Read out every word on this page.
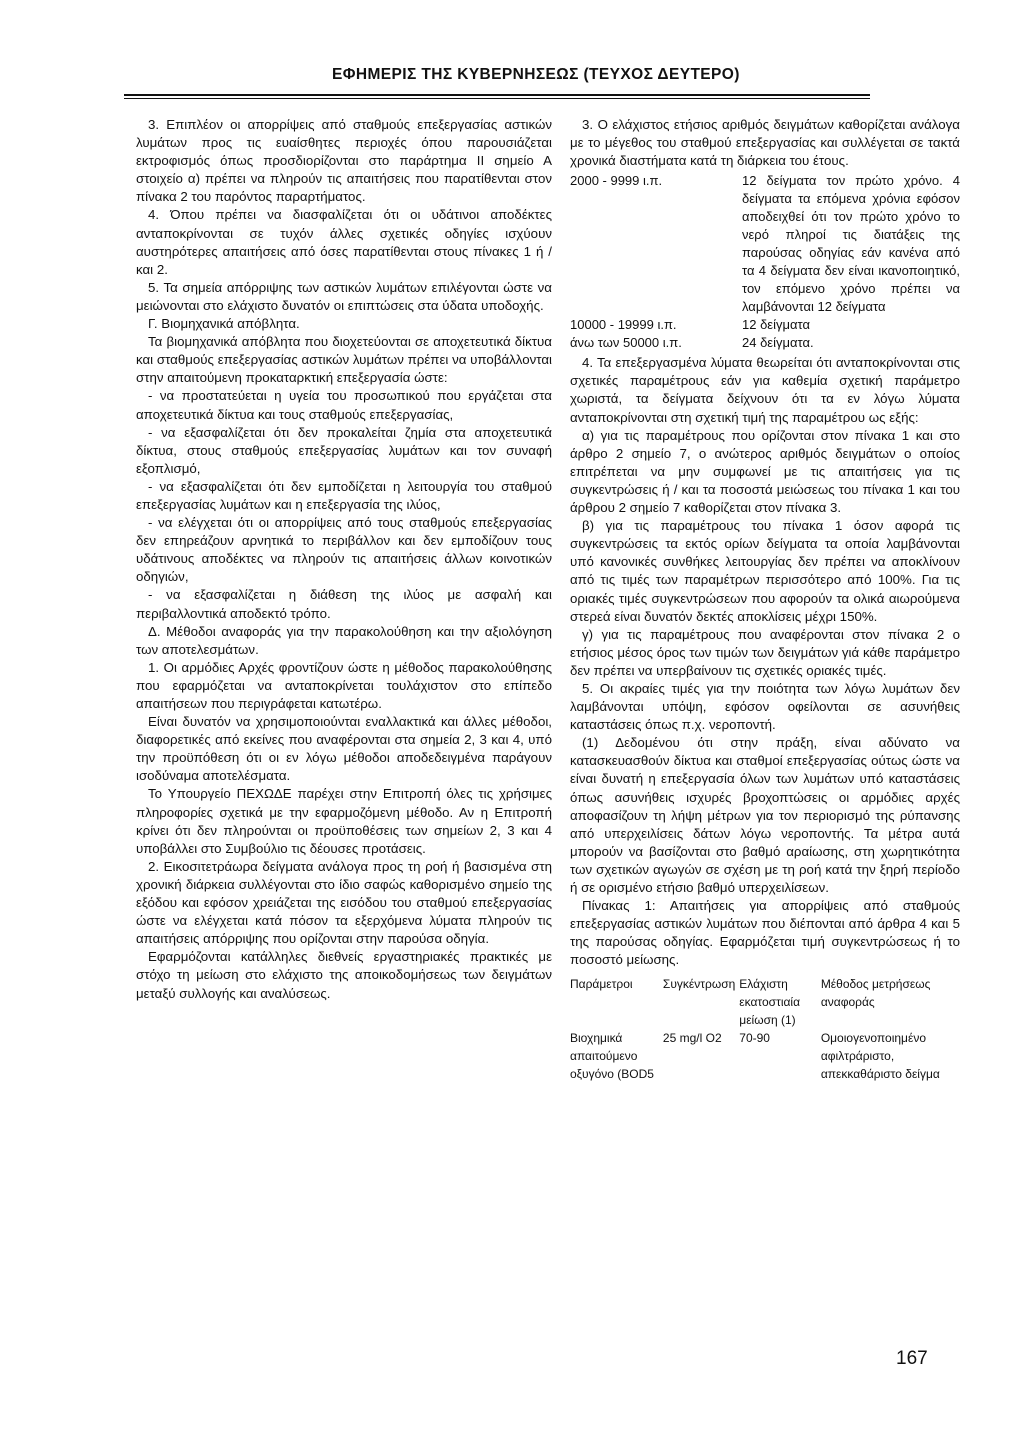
ΕΦΗΜΕΡΙΣ ΤΗΣ ΚΥΒΕΡΝΗΣΕΩΣ (ΤΕΥΧΟΣ ΔΕΥΤΕΡΟ)

3. Επιπλέον οι απορρίψεις από σταθμούς επεξεργασίας αστικών λυμάτων προς τις ευαίσθητες περιοχές όπου παρουσιάζεται εκτροφισμός όπως προσδιορίζονται στο παράρτημα II σημείο Α στοιχείο α) πρέπει να πληρούν τις απαιτήσεις που παρατίθενται στον πίνακα 2 του παρόντος παραρτήματος.

4. Όπου πρέπει να διασφαλίζεται ότι οι υδάτινοι αποδέκτες ανταποκρίνονται σε τυχόν άλλες σχετικές οδηγίες ισχύουν αυστηρότερες απαιτήσεις από όσες παρατίθενται στους πίνακες 1 ή / και 2.

5. Τα σημεία απόρριψης των αστικών λυμάτων επιλέγονται ώστε να μειώνονται στο ελάχιστο δυνατόν οι επιπτώσεις στα ύδατα υποδοχής.

Γ. Βιομηχανικά απόβλητα.

Τα βιομηχανικά απόβλητα που διοχετεύονται σε αποχετευτικά δίκτυα και σταθμούς επεξεργασίας αστικών λυμάτων πρέπει να υποβάλλονται στην απαιτούμενη προκαταρκτική επεξεργασία ώστε:

- να προστατεύεται η υγεία του προσωπικού που εργάζεται στα αποχετευτικά δίκτυα και τους σταθμούς επεξεργασίας,

- να εξασφαλίζεται ότι δεν προκαλείται ζημία στα αποχετευτικά δίκτυα, στους σταθμούς επεξεργασίας λυμάτων και τον συναφή εξοπλισμό,

- να εξασφαλίζεται ότι δεν εμποδίζεται η λειτουργία του σταθμού επεξεργασίας λυμάτων και η επεξεργασία της ιλύος,

- να ελέγχεται ότι οι απορρίψεις από τους σταθμούς επεξεργασίας δεν επηρεάζουν αρνητικά το περιβάλλον και δεν εμποδίζουν τους υδάτινους αποδέκτες να πληρούν τις απαιτήσεις άλλων κοινοτικών οδηγιών,

- να εξασφαλίζεται η διάθεση της ιλύος με ασφαλή και περιβαλλοντικά αποδεκτό τρόπο.

Δ. Μέθοδοι αναφοράς για την παρακολούθηση και την αξιολόγηση των αποτελεσμάτων.

1. Οι αρμόδιες Αρχές φροντίζουν ώστε η μέθοδος παρακολούθησης που εφαρμόζεται να ανταποκρίνεται τουλάχιστον στο επίπεδο απαιτήσεων που περιγράφεται κατωτέρω.

Είναι δυνατόν να χρησιμοποιούνται εναλλακτικά και άλλες μέθοδοι, διαφορετικές από εκείνες που αναφέρονται στα σημεία 2, 3 και 4, υπό την προϋπόθεση ότι οι εν λόγω μέθοδοι αποδεδειγμένα παράγουν ισοδύναμα αποτελέσματα.

Το Υπουργείο ΠΕΧΩΔΕ παρέχει στην Επιτροπή όλες τις χρήσιμες πληροφορίες σχετικά με την εφαρμοζόμενη μέθοδο. Αν η Επιτροπή κρίνει ότι δεν πληρούνται οι προϋποθέσεις των σημείων 2, 3 και 4 υποβάλλει στο Συμβούλιο τις δέουσες προτάσεις.

2. Εικοσιτετράωρα δείγματα ανάλογα προς τη ροή ή βασισμένα στη χρονική διάρκεια συλλέγονται στο ίδιο σαφώς καθορισμένο σημείο της εξόδου και εφόσον χρειάζεται της εισόδου του σταθμού επεξεργασίας ώστε να ελέγχεται κατά πόσον τα εξερχόμενα λύματα πληρούν τις απαιτήσεις απόρριψης που ορίζονται στην παρούσα οδηγία.

Εφαρμόζονται κατάλληλες διεθνείς εργαστηριακές πρακτικές με στόχο τη μείωση στο ελάχιστο της αποικοδομήσεως των δειγμάτων μεταξύ συλλογής και αναλύσεως.

3. Ο ελάχιστος ετήσιος αριθμός δειγμάτων καθορίζεται ανάλογα με το μέγεθος του σταθμού επεξεργασίας και συλλέγεται σε τακτά χρονικά διαστήματα κατά τη διάρκεια του έτους.

2000 - 9999 ι.π.	12 δείγματα τον πρώτο χρόνο. 4 δείγματα τα επόμενα χρόνια εφόσον αποδειχθεί ότι τον πρώτο χρόνο το νερό πληροί τις διατάξεις της παρούσας οδηγίας εάν κανένα από τα 4 δείγματα δεν είναι ικανοποιητικό, τον επόμενο χρόνο πρέπει να λαμβάνονται 12 δείγματα
10000 - 19999 ι.π.	12 δείγματα
άνω των 50000 ι.π.	24 δείγματα.

4. Τα επεξεργασμένα λύματα θεωρείται ότι ανταποκρίνονται στις σχετικές παραμέτρους εάν για καθεμία σχετική παράμετρο χωριστά, τα δείγματα δείχνουν ότι τα εν λόγω λύματα ανταποκρίνονται στη σχετική τιμή της παραμέτρου ως εξής:

α) για τις παραμέτρους που ορίζονται στον πίνακα 1 και στο άρθρο 2 σημείο 7, ο ανώτερος αριθμός δειγμάτων ο οποίος επιτρέπεται να μην συμφωνεί με τις απαιτήσεις για τις συγκεντρώσεις ή / και τα ποσοστά μειώσεως του πίνακα 1 και του άρθρου 2 σημείο 7 καθορίζεται στον πίνακα 3.

β) για τις παραμέτρους του πίνακα 1 όσον αφορά τις συγκεντρώσεις τα εκτός ορίων δείγματα τα οποία λαμβάνονται υπό κανονικές συνθήκες λειτουργίας δεν πρέπει να αποκλίνουν από τις τιμές των παραμέτρων περισσότερο από 100%. Για τις οριακές τιμές συγκεντρώσεων που αφορούν τα ολικά αιωρούμενα στερεά είναι δυνατόν δεκτές αποκλίσεις μέχρι 150%.

γ) για τις παραμέτρους που αναφέρονται στον πίνακα 2 ο ετήσιος μέσος όρος των τιμών των δειγμάτων γιά κάθε παράμετρο δεν πρέπει να υπερβαίνουν τις σχετικές οριακές τιμές.

5. Οι ακραίες τιμές για την ποιότητα των λόγω λυμάτων δεν λαμβάνονται υπόψη, εφόσον οφείλονται σε ασυνήθεις καταστάσεις όπως π.χ. νεροποντή.

(1) Δεδομένου ότι στην πράξη, είναι αδύνατο να κατασκευασθούν δίκτυα και σταθμοί επεξεργασίας ούτως ώστε να είναι δυνατή η επεξεργασία όλων των λυμάτων υπό καταστάσεις όπως ασυνήθεις ισχυρές βροχοπτώσεις οι αρμόδιες αρχές αποφασίζουν τη λήψη μέτρων για τον περιορισμό της ρύπανσης από υπερχειλίσεις δάτων λόγω νεροποντής. Τα μέτρα αυτά μπορούν να βασίζονται στο βαθμό αραίωσης, στη χωρητικότητα των σχετικών αγωγών σε σχέση με τη ροή κατά την ξηρή περίοδο ή σε ορισμένο ετήσιο βαθμό υπερχειλίσεων.

Πίνακας 1: Απαιτήσεις για απορρίψεις από σταθμούς επεξεργασίας αστικών λυμάτων που διέπονται από άρθρα 4 και 5 της παρούσας οδηγίας. Εφαρμόζεται τιμή συγκεντρώσεως ή το ποσοστό μείωσης.

Παράμετροι	Συγκέντρωση	Ελάχιστη εκατοστιαία μείωση (1)	Μέθοδος μετρήσεως αναφοράς
Βιοχημικά απαιτούμενο οξυγόνο (BOD5	25 mg/l O2	70-90	Ομοιογενοποιημένο αφιλτράριστο, απεκκαθάριστο δείγμα
167
